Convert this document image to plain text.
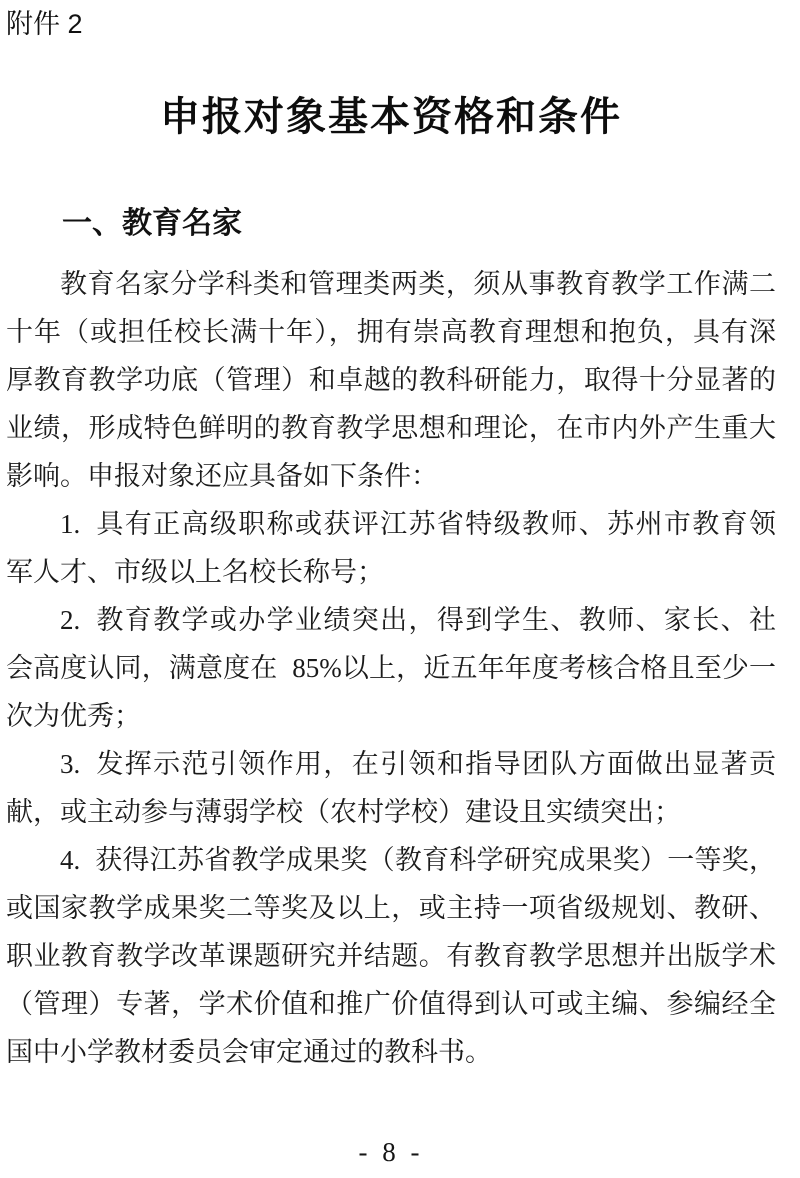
附件 2
申报对象基本资格和条件
一、教育名家
教育名家分学科类和管理类两类，须从事教育教学工作满二
十年（或担任校长满十年），拥有崇高教育理想和抱负，具有深
厚教育教学功底（管理）和卓越的教科研能力，取得十分显著的
业绩，形成特色鲜明的教育教学思想和理论，在市内外产生重大
影响。申报对象还应具备如下条件：
1. 具有正高级职称或获评江苏省特级教师、苏州市教育领
军人才、市级以上名校长称号；
2. 教育教学或办学业绩突出，得到学生、教师、家长、社
会高度认同，满意度在 85%以上，近五年年度考核合格且至少一
次为优秀；
3. 发挥示范引领作用，在引领和指导团队方面做出显著贡
献，或主动参与薄弱学校（农村学校）建设且实绩突出；
4. 获得江苏省教学成果奖（教育科学研究成果奖）一等奖，
或国家教学成果奖二等奖及以上，或主持一项省级规划、教研、
职业教育教学改革课题研究并结题。有教育教学思想并出版学术
（管理）专著，学术价值和推广价值得到认可或主编、参编经全
国中小学教材委员会审定通过的教科书。
- 8 -
